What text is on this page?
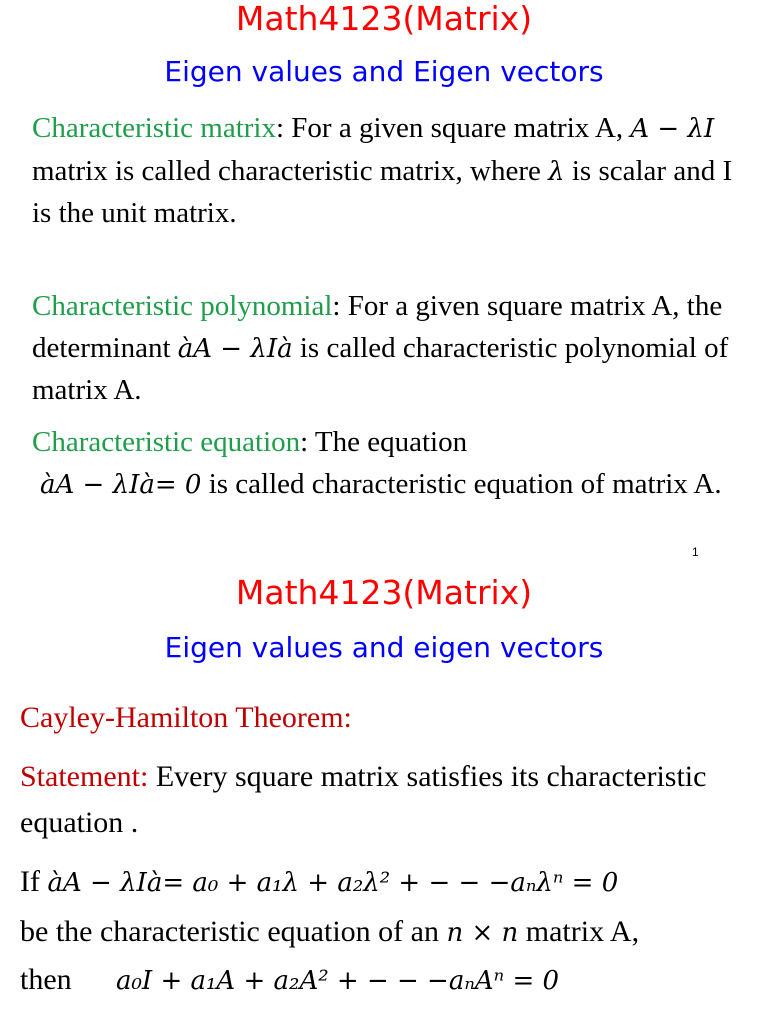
Math4123(Matrix)
Eigen values and Eigen vectors
Characteristic matrix: For a given square matrix A, A − λI matrix is called characteristic matrix, where λ is scalar and I is the unit matrix.
Characteristic polynomial: For a given square matrix A, the determinant àA − λIà is called characteristic polynomial of matrix A.
Characteristic equation: The equation
àA − λIà= 0 is called characteristic equation of matrix A.
1
Math4123(Matrix)
Eigen values and eigen vectors
Cayley-Hamilton Theorem:
Statement: Every square matrix satisfies its characteristic equation .
If àA − λIà= a₀ + a₁λ + a₂λ² + − − −aₙλⁿ = 0
be the characteristic equation of an n × n matrix A,
then a₀I + a₁A + a₂A² + − − −aₙAⁿ = 0
